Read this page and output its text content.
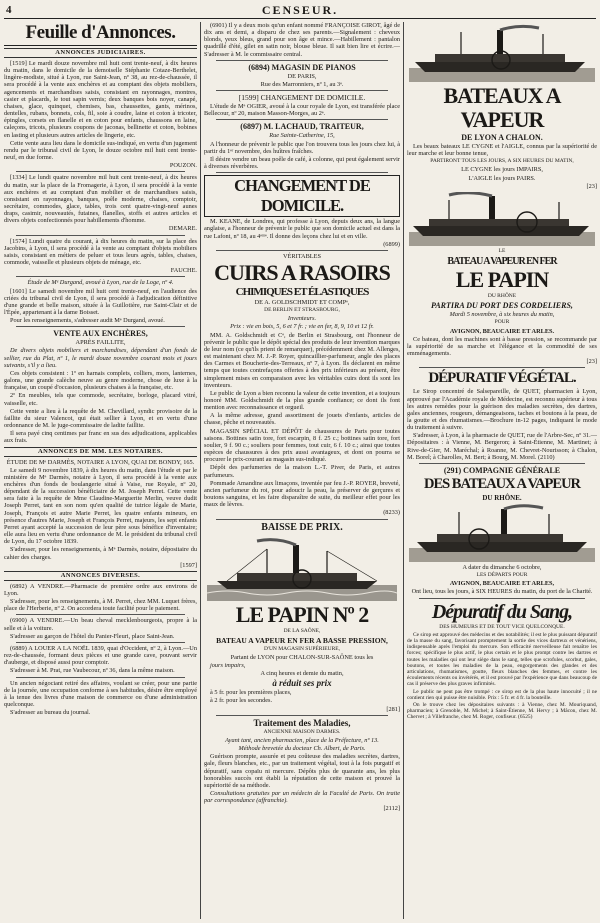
4	CENSEUR.
Feuille d'Annonces.
ANNONCES JUDICIAIRES.

[1519] Le mardi douze novembre mil huit cent trente-neuf, à dix heures du matin, dans le domicile de la demoiselle Stéphanie Cotaze-Berthelet, lingère-modiste, situé à Lyon, rue Saint-Jean, nº 38, au rez-de-chaussée, il sera procédé à la vente aux enchères et au comptant des objets mobiliers, agencements et marchandises saisis, consistant en rayonnages, montres, casier et placards, le tout sapin vernis; deux banques bois noyer, canapé, chaises, glace, quinquet, chemises, bas, chaussettes, gants, mérinos, dentelles, rubans, bonnets, cols, fil, soie à coudre, laine et coton à tricoter, épingles, corsets en flanelle et en coton pour enfants, chaussons en laine, caleçons, tricots, plusieurs coupons de jaconas, bellinette et coton, bobines en lasting et plusieurs autres articles de lingerie, etc.

Cette vente aura lieu dans le domicile sus-indiqué, en vertu d'un jugement rendu par le tribunal civil de Lyon, le douze octobre mil huit cent trente-neuf, en due forme.

POUZON.

[1334] Le lundi quatre novembre mil huit cent trente-neuf, à dix heures du matin, sur la place de la Fromagerie, à Lyon, il sera procédé à la vente aux enchères et au comptant d'un mobilier et de marchandises saisis, consistant en rayonnages, banques, poêle moderne, chaises, comptoir, secrétaire, commodes, glace, tables, trois cent quatre-vingt-neuf aunes draps, casimir, nouveautés, futaines, flanelles, stoffs et autres articles et divers objets confectionnés pour habillements d'homme.

DEMARE.

[1574] Lundi quatre du courant, à dix heures du matin, sur la place des Jacobins, à Lyon, il sera procédé à la vente au comptant d'objets mobiliers saisis, consistant en métiers de peluer et tous leurs agrès, tables, chaises, commode, vaisselle et plusieurs objets de ménage, etc.

FAUCHE.

Étude de Mᵉ Durgand, avoué à Lyon, rue de la Loge, nº 4.

[1601] Le samedi novembre mil huit cent trente-neuf, en l'audience des criées du tribunal civil de Lyon, il sera procédé à l'adjudication définitive d'une grande et belle maison, située à la Guillotière, rue Saint-Clair et de l'Épée, appartenant à la dame Boisset.

Pour les renseignements, s'adresser audit Mᵉ Durgand, avoué.

VENTE AUX ENCHÈRES,

APRÈS FAILLITE,

De divers objets mobiliers et marchandises, dépendant d'un fonds de sellier, rue du Plat, nº 1, le mardi douze novembre courant mois et jours suivants, s'il y a lieu.

Ces objets consistent : 1º en harnais complets, colliers, mors, lanternes, galons, une grande calèche neuve au genre moderne, chose de luxe à la française, un coupé d'occasion, plusieurs chaises à la française, etc.

2º En meubles, tels que commode, secrétaire, borloge, placard vitré, vaisselle, etc.

Cette vente a lieu à la requête de M. Chevillard, syndic provisoire de la faillite du sieur Valencot, qui était sellier à Lyon, et en vertu d'une ordonnance de M. le juge-commissaire de ladite faillite.

Il sera payé cinq centimes par franc en sus des adjudications, applicables aux frais.

ANNONCES DE MM. LES NOTAIRES.

ÉTUDE DE Mᵉ DARMÈS, NOTAIRE A LYON, QUAI DE BONDY, 165.

Le samedi 9 novembre 1839, à dix heures du matin, dans l'étude et par le ministère de Mᵉ Darmès, notaire à Lyon, il sera procédé à la vente aux enchères d'un fonds de boulangerie situé à Vaise, rue Royale, nº 20, dépendant de la succession bénéficiaire de M. Joseph Perret. Cette vente sera faite à la requête de Mme Claudine-Marguerite Merlin, veuve dudit Joseph Perret, tant en son nom qu'en qualité de tutrice légale de Marie, Joseph, François et autre Marie Perret, les quatre enfants mineurs, en présence d'autres Marie, Joseph et François Perret, majeurs, les sept enfants Perret ayant accepté la succession de leur père sous bénéfice d'inventaire; elle aura lieu en vertu d'une ordonnance de M. le président du tribunal civil de Lyon, du 17 octobre 1839.

S'adresser, pour les renseignements, à Mᵉ Darmès, notaire, dépositaire du cahier des charges.

[1597]

ANNONCES DIVERSES.

(6892) A VENDRE.—Pharmacie de première ordre aux environs de Lyon.

S'adresser, pour les renseignements, à M. Perret, chez MM. Luquet frères, place de l'Herberie, nº 2. On accordera toute facilité pour le paiement.

(6900) A VENDRE.—Un beau cheval mecklenbourgeois, propre à la selle et à la voiture.

S'adresser au garçon de l'hôtel du Panier-Fleuri, place Saint-Jean.

(6889) A LOUER A LA NOËL 1839, quai d'Occident, nº 2, à Lyon.—Un rez-de-chaussée, formant deux pièces et une grande cave, pouvant servir d'auberge, et disposé aussi pour comptoir.

S'adresser à M. Prat, rue Vaubecour, nº 36, dans la même maison.

Un ancien négociant retiré des affaires, voulant se créer, pour une partie de la journée, une occupation conforme à ses habitudes, désire être employé à la tenue des livres d'une maison de commerce ou d'une administration quelconque.

S'adresser au bureau du journal.

(6901) Il y a deux mois qu'un enfant nommé FRANÇOISE GIROT, âgé de dix ans et demi, a disparu de chez ses parents.—Signalement : cheveux blonds, yeux bleus, grand pour son âge et mince.—Habillement : pantalon quadrillé d'été, gilet en satin noir, blouse bleue. Il sait bien lire et écrire.— S'adresser à M. le commissaire central.

(6894) MAGASIN DE PIANOS

DE PARIS,

Rue des Marronniers, nº 1, au 3ᵉ.

[1599] CHANGEMENT DE DOMICILE.

L'étude de Mᵉ OGIER, avoué à la cour royale de Lyon, est transférée place Bellecour, nº 20, maison Masson-Morges, au 2ᵉ.

(6897) M. LACHAUD, TRAITEUR,

Rue Sainte-Catherine, 15,

A l'honneur de prévenir le public que l'on trouvera tous les jours chez lui, à partir du 1ᵉʳ novembre, des huîtres fraîches.

Il désire vendre un beau poêle de café, à colonne, qui peut également servir à diverses réverbères.

CHANGEMENT DE DOMICILE.

M. KEANE, de Londres, qui professe à Lyon, depuis deux ans, la langue anglaise, a l'honneur de prévenir le public que son domicile actuel est dans la rue Lafont, nº 18, au 4ᵉᵐᵉ. Il donne des leçons chez lui et en ville.

(6899)

VÉRITABLES

CUIRS A RASOIRS

CHIMIQUES ET ÉLASTIQUES

DE A. GOLDSCHMIDT ET COMPᵉ,

DE BERLIN ET STRASBOURG,

Inventeurs.

Prix : vie en bois, 5, 6 et 7 fr. ; vie en fer, 8, 9, 10 et 12 fr.

MM. A. Goldschmidt et Cᵉ, de Berlin et Strasbourg, ont l'honneur de prévenir le public que le dépôt spécial des produits de leur invention marques de leur nom (ce qu'ils prient de remarquer), précédemment chez M. Allenges, est maintenant chez M. J.-P. Royer, quincaillier-parfumeur, angle des places des Carmes et Boucherie-des-Terreaux, nº 7, à Lyon. Ils déclarent en même temps que toutes contrefaçons offertes à des prix inférieurs au présent, être simplement mises en comparaison avec les véritables cuirs dont ils sont les inventeurs.

Le public de Lyon a bien reconnu la valeur de cette invention, et a toujours honoré MM. Goldschmidt de la plus grande confiance; ce dont ils font mention avec reconnaissance et orgueil.

A la même adresse, grand assortiment de jouets d'enfants, articles de chasse, pêche et nouveautés.

MAGASIN SPÉCIAL ET DÉPÔT de chaussures de Paris pour toutes saisons. Bottines satin tore, fort escarpin, 8 f. 25 c.; bottines satin tore, fort soulier, 9 f. 90 c.; souliers pour femmes, tout cuir, 6 f. 10 c.; ainsi que toutes espèces de chaussures à des prix aussi avantageux, et dont on pourra se procurer le prix-courant au magasin sus-indiqué.

Dépôt des parfumeries de la maison L.-T. Piver, de Paris, et autres parfumeurs.

Pommade Amandine aux limaçons, inventée par feu J.-P. ROYER, breveté, ancien parfumeur du roi, pour adoucir la peau, la préserver de gerçures et boutons sanguins, et les faire disparaître de suite, du meilleur effet pour les maux de lèvres.

(8233)

BAISSE DE PRIX.

LE PAPIN Nº 2

DE LA SAÔNE,

BATEAU A VAPEUR EN FER A BASSE PRESSION,

D'UN MAGASIN SUPÉRIEURE,

Partant de LYON pour CHALON-SUR-SAÔNE tous les

jours impairs,

A cinq heures et demie du matin,

à réduit ses prix

à 5 fr. pour les premières places,

à 2 fr. pour les secondes.

[281]

Traitement des Maladies,

ANCIENNE MAISON DARMES.

Ayant tant, ancien pharmacien, place de la Préfecture, nº 13.

Méthode brevetée du docteur Ch. Albert, de Paris.

Guérison prompte, assurée et peu coûteuse des maladies secrètes, dartres, gale, fleurs blanches, etc., par un traitement végétal, tout à la fois purgatif et dépuratif, sans copaïu ni mercure. Dépôts plus de quarante ans, les plus honorables succès ont établi la réputation de cette maison et prouvé la supériorité de sa méthode.

Consultations gratuites par un médecin de la Faculté de Paris. On traite par correspondance (affranchie).

[2112]

BATEAUX A VAPEUR

DE LYON A CHALON.

Les beaux bateaux LE CYGNE et l'AIGLE, connus par la supériorité de leur marche et leur bonne tenue,

PARTIRONT TOUS LES JOURS, A SIX HEURES DU MATIN,

LE CYGNE les jours IMPAIRS,

L'AIGLE les jours PAIRS.

[23]

LE

BATEAU A VAPEUR EN FER

LE PAPIN

DU RHÔNE

PARTIRA DU PORT DES CORDELIERS,

Mardi 5 novembre, à six heures du matin,

POUR

AVIGNON, BEAUCAIRE ET ARLES.

Ce bateau, dont les machines sont à basse pression, se recommande par la supériorité de sa marche et l'élégance et la commodité de ses emménagements.

[23]

DÉPURATIF VÉGÉTAL.

Le Sirop concentré de Salsepareille, de QUET, pharmacien à Lyon, approuvé par l'Académie royale de Médecine, est reconnu supérieur à tous les autres remèdes pour la guérison des maladies secrètes, des dartres, gales anciennes, rougeurs, démangeaisons, taches et boutons à la peau, de la goutte et des rhumatismes.—Brochure in-12 pages, indiquant le mode du traitement à suivre.

S'adresser, à Lyon, à la pharmacie de QUET, rue de l'Arbre-Sec, nº 31.—Dépositaires : à Vienne, M. Bergeron; à Saint-Étienne, M. Martinet; à Rive-de-Gier, M. Maréchal; à Roanne, M. Chevret-Nourisson; à Chalon, M. Borel; à Charolles, M. Bert; à Bourg, M. Morel. (2110)

(291) COMPAGNIE GÉNÉRALE

DES BATEAUX A VAPEUR

DU RHÔNE.

A dater du dimanche 6 octobre,

LES DÉPARTS POUR

AVIGNON, BEAUCAIRE ET ARLES,

Ont lieu, tous les jours, à SIX HEURES du matin, du port de la Charité.

Dépuratif du Sang,

DES HUMEURS ET DE TOUT VICE QUELCONQUE.

Ce sirop est approuvé des médecins et des notabilités; il est le plus puissant dépuratif de la masse du sang, favorisant promptement la sortie des vices dartreux et vénériens, indispensable après l'emploi du mercure. Son efficacité merveilleuse fait renaître les forces; spécifique le plus actif, le plus certain et le plus prompt contre les dartres et toutes les maladies qui ont leur siège dans le sang, telles que scrofules, scorbut, gales, boutons, et toutes les maladies de la peau, engorgements des glandes et des articulations, rhumatismes, goutte, fleurs blanches des femmes, et contre les écoulements récents ou invétérés, et il est prouvé par l'expérience que dans beaucoup de cas il préserve des plus graves infirmités.

Le public ne peut pas être trompé : ce sirop est de la plus haute innocuité ; il ne contient rien qui puisse être nuisible. Prix : 5 fr. et 4 fr. la bouteille.

On le trouve chez les dépositaires suivants : à Vienne, chez M. Mouriquand, pharmacien; à Grenoble, M. Michel; à Saint-Étienne, M. Hervy ; à Mâcon, chez M. Chervet ; à Villefranche, chez M. Roger, confiseur. (6525)
